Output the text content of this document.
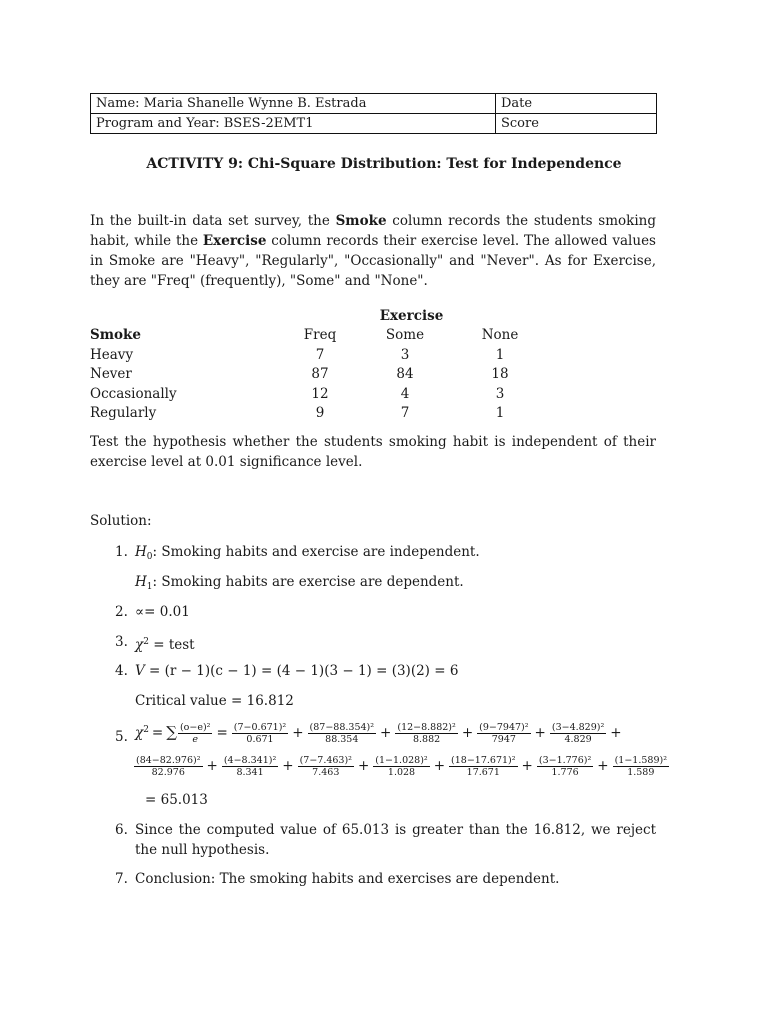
Name: Maria Shanelle Wynne B. Estrada	Date
Program and Year: BSES-2EMT1	Score
ACTIVITY 9: Chi-Square Distribution: Test for Independence
In the built-in data set survey, the Smoke column records the students smoking habit, while the Exercise column records their exercise level. The allowed values in Smoke are "Heavy", "Regularly", "Occasionally" and "Never". As for Exercise, they are "Freq" (frequently), "Some" and "None".
Exercise
Smoke	Freq	Some	None
Heavy	7	3	1
Never	87	84	18
Occasionally	12	4	3
Regularly	9	7	1
Test the hypothesis whether the students smoking habit is independent of their exercise level at 0.01 significance level.
Solution:
1. $H_0$: Smoking habits and exercise are independent.
$H_1$: Smoking habits are exercise are dependent.
2. ∝= 0.01
3. $\chi^2$ = test
4. V = (r − 1)(c − 1) = (4 − 1)(3 − 1) = (3)(2) = 6
Critical value = 16.812
5. $\chi^2$ = ∑ $\frac{\text{(o−e)²}}{e} = \frac{\text{(7−0.671)²}}{0.671} + \frac{\text{(87−88.354)²}}{88.354} + \frac{\text{(12−8.882)²}}{8.882} + \frac{\text{(9−7947)²}}{7947} + \frac{\text{(3−4.829)²}}{4.829}$ +
$\frac{\text{(84−82.976)²}}{82.976} + \frac{\text{(4−8.341)²}}{8.341} + \frac{\text{(7−7.463)²}}{7.463} + \frac{\text{(1−1.028)²}}{1.028} + \frac{\text{(18−17.671)²}}{17.671} + \frac{\text{(3−1.776)²}}{1.776} + \frac{\text{(1−1.589)²}}{1.589}$
= 65.013
6. Since the computed value of 65.013 is greater than the 16.812, we reject the null hypothesis.
7. Conclusion: The smoking habits and exercises are dependent.
